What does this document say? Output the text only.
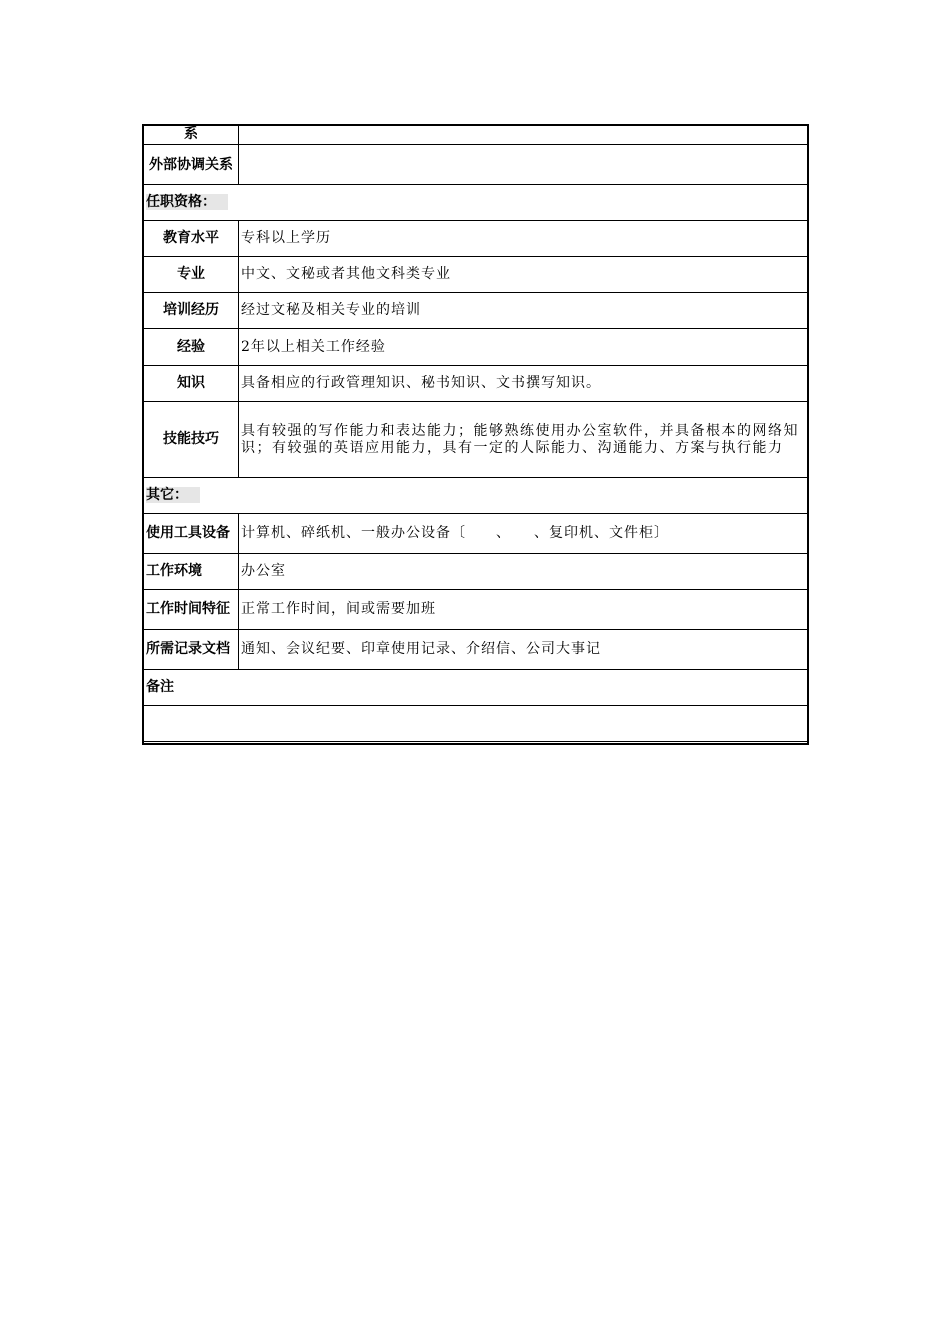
系	
外部协调关系	
任职资格：	
教育水平	专科以上学历
专业	中文、文秘或者其他文科类专业
培训经历	经过文秘及相关专业的培训
经验	2年以上相关工作经验
知识	具备相应的行政管理知识、秘书知识、文书撰写知识。
技能技巧	具有较强的写作能力和表达能力；能够熟练使用办公室软件，并具备根本的网络知识；有较强的英语应用能力，具有一定的人际能力、沟通能力、方案与执行能力
其它：	
使用工具设备	计算机、碎纸机、一般办公设备〔　　、　　、复印机、文件柜〕
工作环境	办公室
工作时间特征	正常工作时间，间或需要加班
所需记录文档	通知、会议纪要、印章使用记录、介绍信、公司大事记
备注	
